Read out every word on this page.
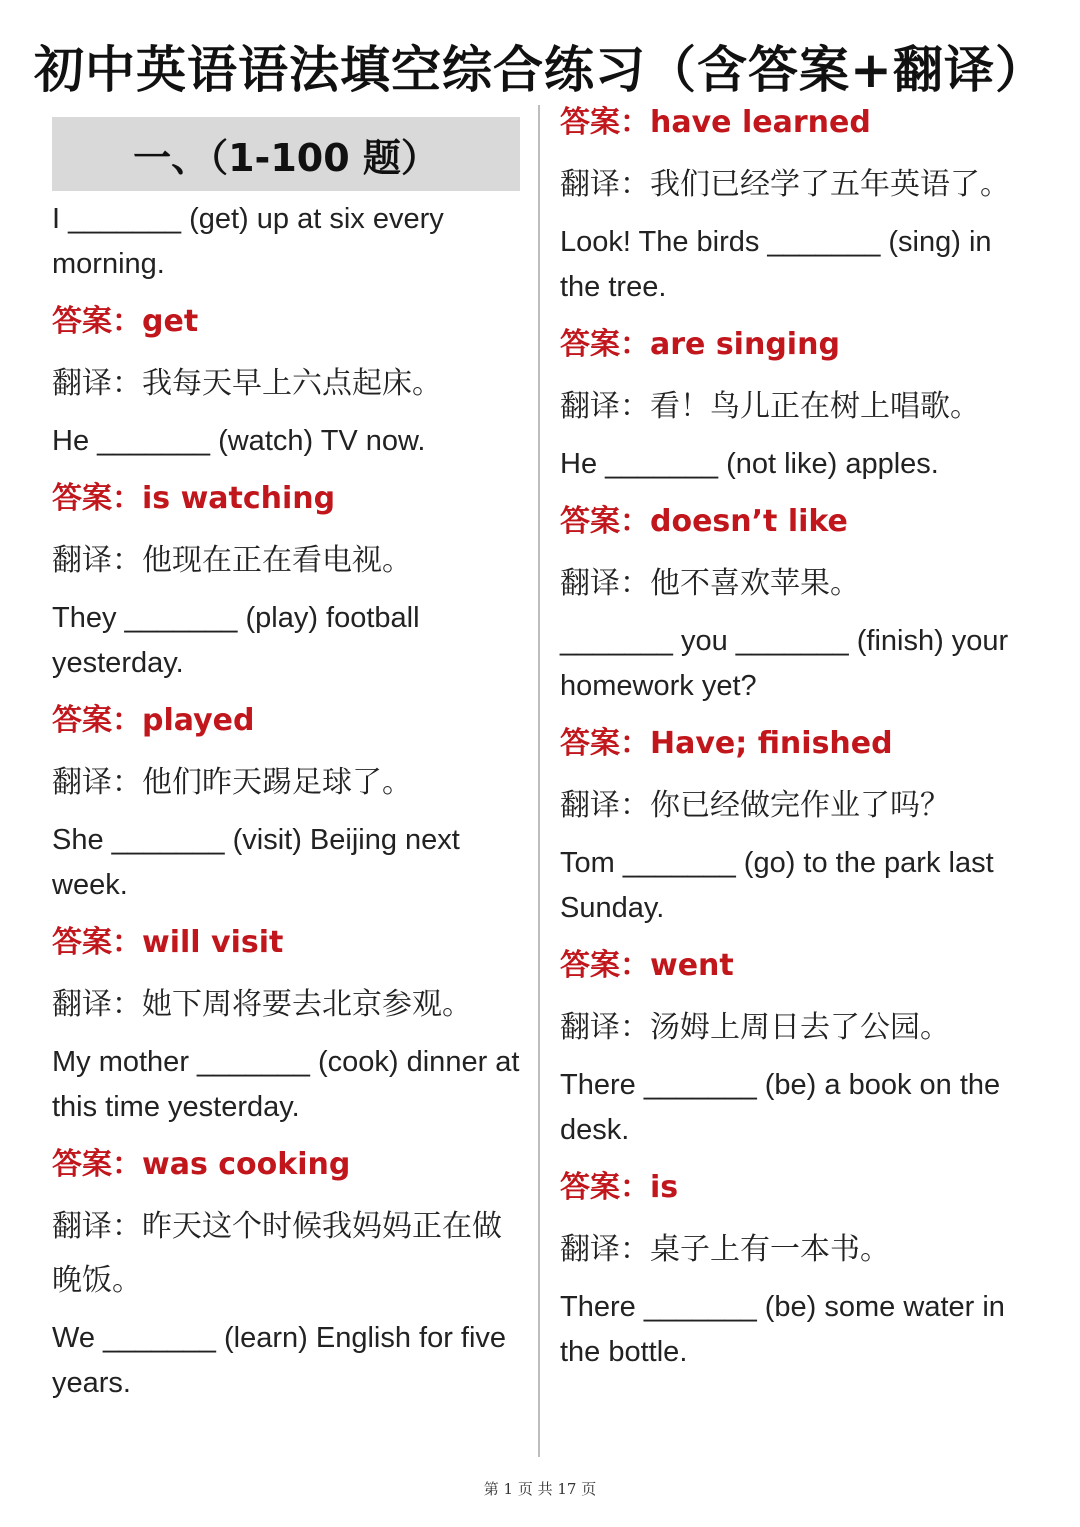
初中英语语法填空综合练习（含答案+翻译）
一、（1-100 题）
I _______ (get) up at six every morning.
答案：get
翻译：我每天早上六点起床。
He _______ (watch) TV now.
答案：is watching
翻译：他现在正在看电视。
They _______ (play) football yesterday.
答案：played
翻译：他们昨天踢足球了。
She _______ (visit) Beijing next week.
答案：will visit
翻译：她下周将要去北京参观。
My mother _______ (cook) dinner at this time yesterday.
答案：was cooking
翻译：昨天这个时候我妈妈正在做晚饭。
We _______ (learn) English for five years.
答案：have learned
翻译：我们已经学了五年英语了。
Look! The birds _______ (sing) in the tree.
答案：are singing
翻译：看！鸟儿正在树上唱歌。
He _______ (not like) apples.
答案：doesn’t like
翻译：他不喜欢苹果。
_______ you _______ (finish) your homework yet?
答案：Have; finished
翻译：你已经做完作业了吗？
Tom _______ (go) to the park last Sunday.
答案：went
翻译：汤姆上周日去了公园。
There _______ (be) a book on the desk.
答案：is
翻译：桌子上有一本书。
There _______ (be) some water in the bottle.
第 1 页 共 17 页
